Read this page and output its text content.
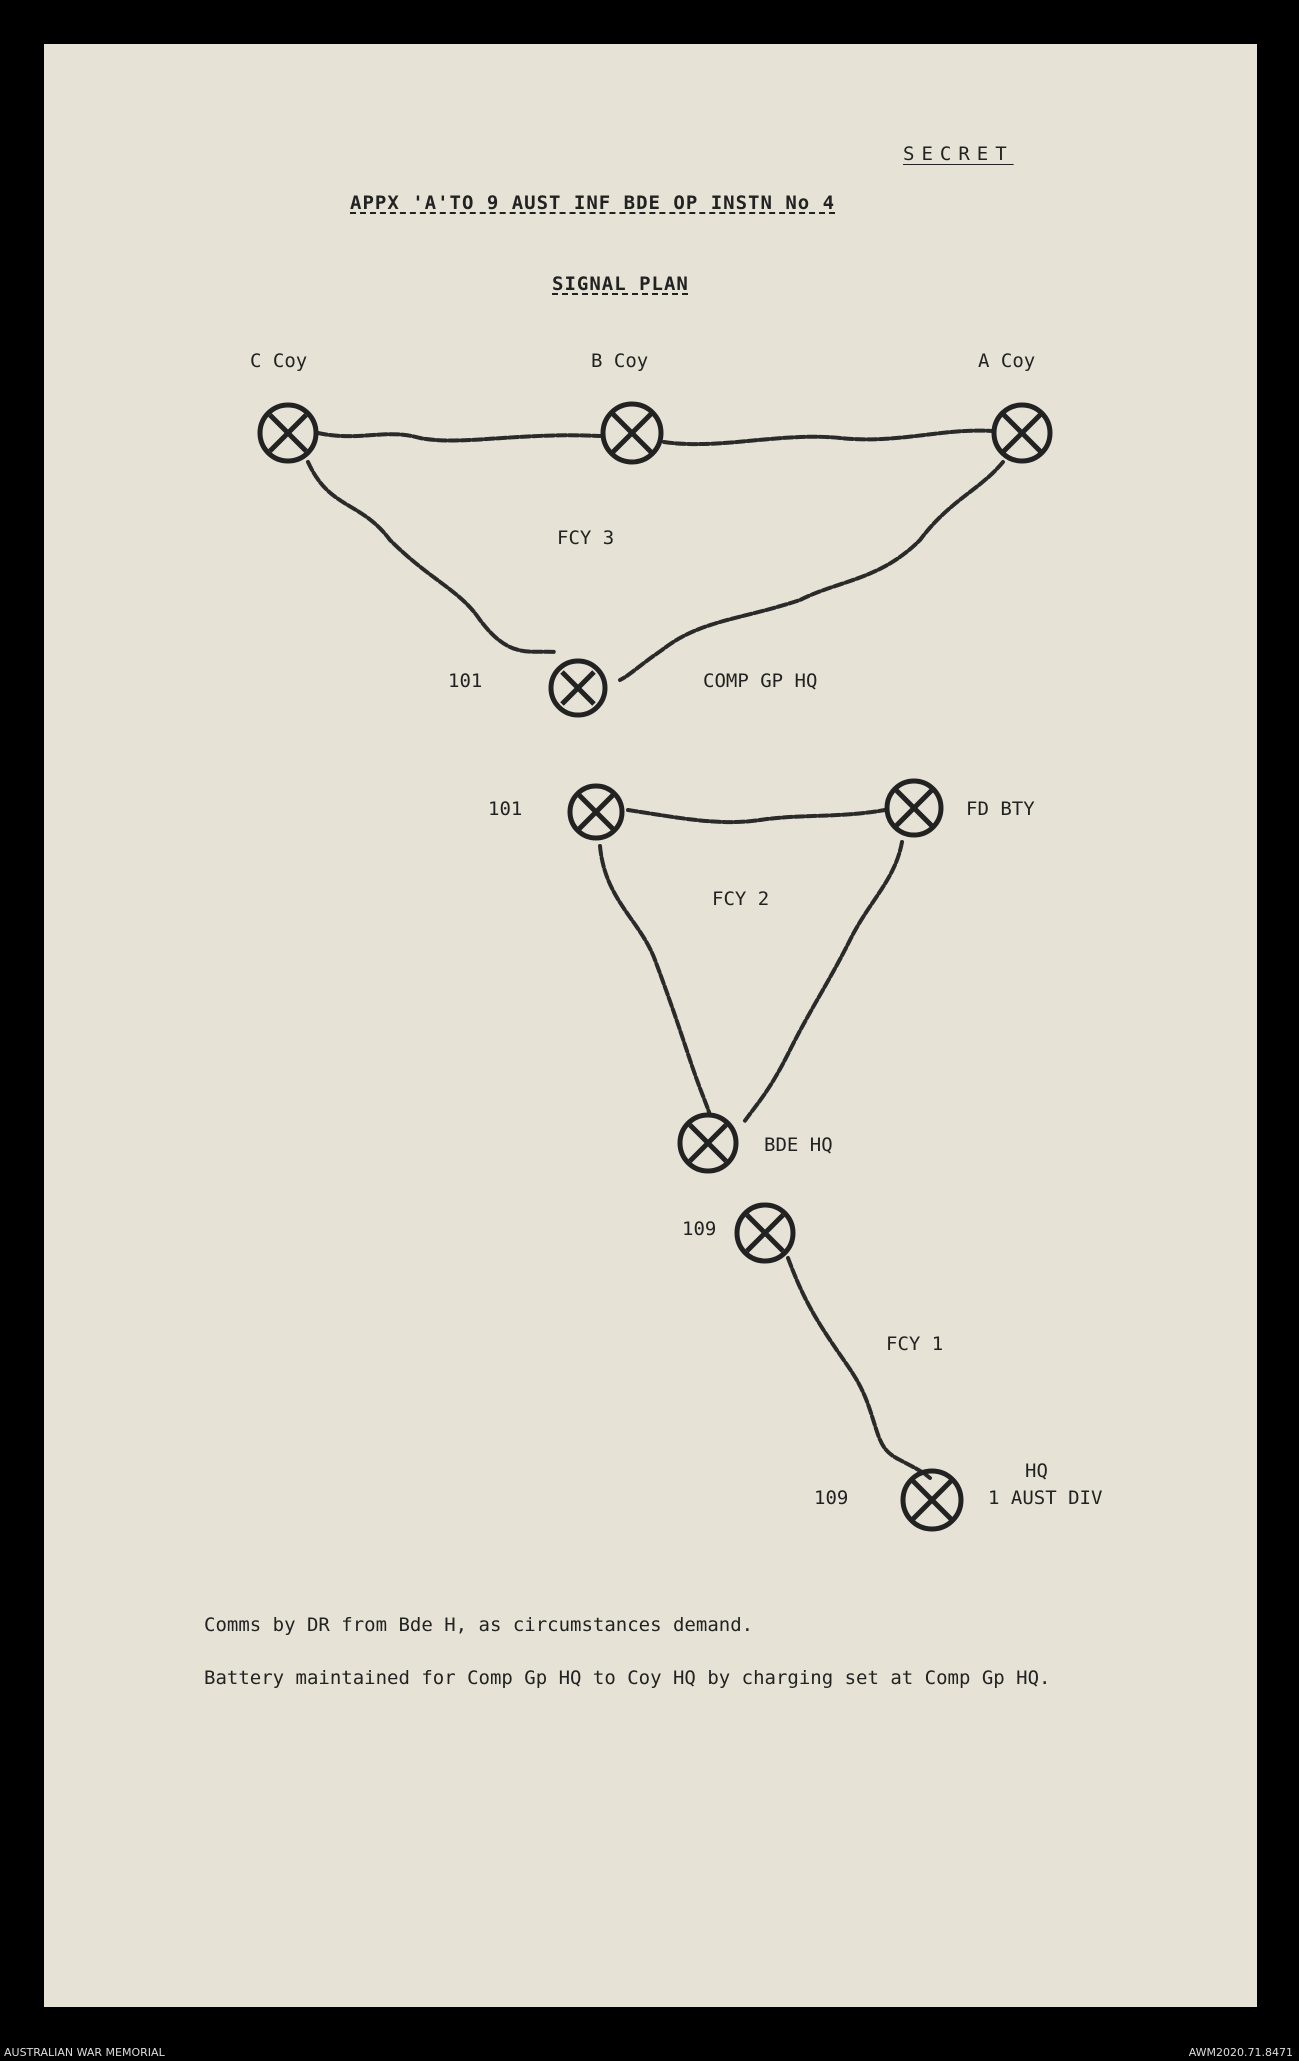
SECRET
APPX 'A'TO 9 AUST INF BDE OP INSTN No 4
SIGNAL PLAN
C Coy	B Coy	A Coy
FCY 3
101	COMP GP HQ
101	FD BTY
FCY 2
BDE HQ
109
FCY 1
HQ
1 AUST DIV
109
Comms by DR from Bde H, as circumstances demand.
Battery maintained for Comp Gp HQ to Coy HQ by charging set at Comp Gp HQ.
AUSTRALIAN WAR MEMORIAL	AWM2020.71.8471
